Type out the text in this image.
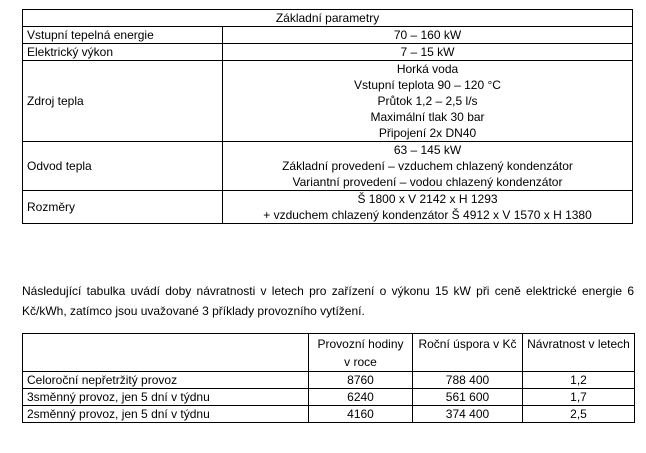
Základní parametry	
Vstupní tepelná energie	70 – 160 kW

Elektrický výkon	7 – 15 kW

Zdroj tepla	Horká voda
Vstupní teplota 90 – 120 °C
Průtok 1,2 – 2,5 l/s
Maximální tlak 30 bar
Připojení 2x DN40

Odvod tepla	63 – 145 kW
Základní provedení – vzduchem chlazený kondenzátor
Variantní provedení – vodou chlazený kondenzátor

Rozměry	Š 1800 x V 2142 x H 1293
+ vzduchem chlazený kondenzátor Š 4912 x V 1570 x H 1380
Následující tabulka uvádí doby návratnosti v letech pro zařízení o výkonu 15 kW při ceně elektrické energie 6 Kč/kWh, zatímco jsou uvažované 3 příklady provozního vytížení.
	Provozní hodiny v roce	Roční úspora v Kč	Návratnost v letech
Celoroční nepřetržitý provoz	8760	788 400	1,2
3směnný provoz, jen 5 dní v týdnu	6240	561 600	1,7
2směnný provoz, jen 5 dní v týdnu	4160	374 400	2,5
